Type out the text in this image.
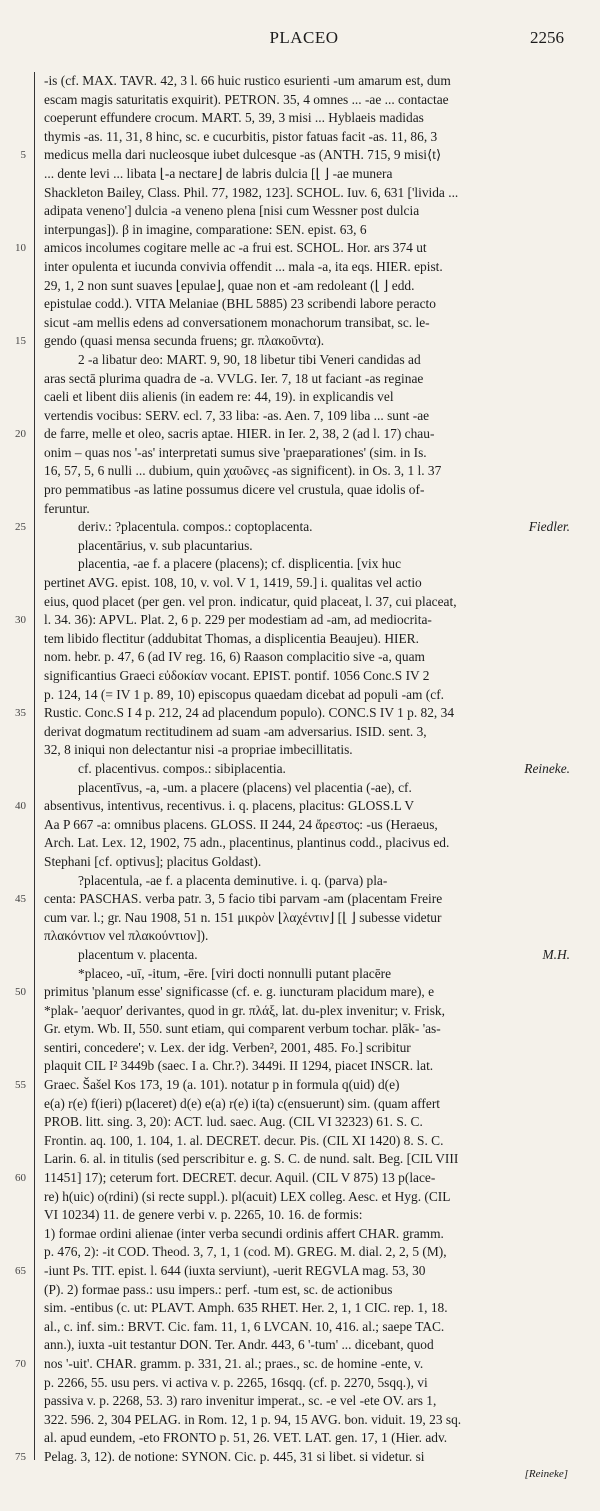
PLACEO	2256
5
10
15
20
25
30
35
40
45
50
55
60
65
70
75
-is (cf. MAX. TAVR. 42, 3 l. 66 huic rustico esurienti -um amarum est, dum
escam magis saturitatis exquirit). PETRON. 35, 4 omnes ... -ae ... contactae
coeperunt effundere crocum. MART. 5, 39, 3 misi ... Hyblaeis madidas
thymis -as. 11, 31, 8 hinc, sc. e cucurbitis, pistor fatuas facit -as. 11, 86, 3
medicus mella dari nucleosque iubet dulcesque -as (ANTH. 715, 9 misi⟨t⟩
... dente levi ... libata ⌊-a nectare⌋ de labris dulcia [⌊ ⌋ -ae munera
Shackleton Bailey, Class. Phil. 77, 1982, 123]. SCHOL. Iuv. 6, 631 ['livida ...
adipata veneno'] dulcia -a veneno plena [nisi cum Wessner post dulcia
interpungas]). β in imagine, comparatione: SEN. epist. 63, 6
amicos incolumes cogitare melle ac -a frui est. SCHOL. Hor. ars 374 ut
inter opulenta et iucunda convivia offendit ... mala -a, ita eqs. HIER. epist.
29, 1, 2 non sunt suaves ⌊epulae⌋, quae non et -am redoleant (⌊ ⌋ edd.
epistulae codd.). VITA Melaniae (BHL 5885) 23 scribendi labore peracto
sicut -am mellis edens ad conversationem monachorum transibat, sc. le-
gendo (quasi mensa secunda fruens; gr. πλακοῦντα).
2 -a libatur deo: MART. 9, 90, 18 libetur tibi Veneri candidas ad
aras sectā plurima quadra de -a. VVLG. Ier. 7, 18 ut faciant -as reginae
caeli et libent diis alienis (in eadem re: 44, 19). in explicandis vel
vertendis vocibus: SERV. ecl. 7, 33 liba: -as. Aen. 7, 109 liba ... sunt -ae
de farre, melle et oleo, sacris aptae. HIER. in Ier. 2, 38, 2 (ad l. 17) chau-
onim – quas nos '-as' interpretati sumus sive 'praeparationes' (sim. in Is.
16, 57, 5, 6 nulli ... dubium, quin χαυῶνες -as significent). in Os. 3, 1 l. 37
pro pemmatibus -as latine possumus dicere vel crustula, quae idolis of-
feruntur.
Fiedler.
deriv.: ?placentula. compos.: coptoplacenta.
placentārius, v. sub placuntarius.
placentia, -ae f. a placere (placens); cf. displicentia. [vix huc
pertinet AVG. epist. 108, 10, v. vol. V 1, 1419, 59.] i. qualitas vel actio
eius, quod placet (per gen. vel pron. indicatur, quid placeat, l. 37, cui placeat,
l. 34. 36): APVL. Plat. 2, 6 p. 229 per modestiam ad -am, ad mediocrita-
tem libido flectitur (addubitat Thomas, a displicentia Beaujeu). HIER.
nom. hebr. p. 47, 6 (ad IV reg. 16, 6) Raason complacitio sive -a, quam
significantius Graeci εὐδοκίαν vocant. EPIST. pontif. 1056 Conc.S IV 2
p. 124, 14 (= IV 1 p. 89, 10) episcopus quaedam dicebat ad populi -am (cf.
Rustic. Conc.S I 4 p. 212, 24 ad placendum populo). CONC.S IV 1 p. 82, 34
derivat dogmatum rectitudinem ad suam -am adversarius. ISID. sent. 3,
32, 8 iniqui non delectantur nisi -a propriae imbecillitatis.
Reineke.
cf. placentivus. compos.: sibiplacentia.
placentīvus, -a, -um. a placere (placens) vel placentia (-ae), cf.
absentivus, intentivus, recentivus. i. q. placens, placitus: GLOSS.L V
Aa P 667 -a: omnibus placens. GLOSS. II 244, 24 ἄρεστος: -us (Heraeus,
Arch. Lat. Lex. 12, 1902, 75 adn., placentinus, plantinus codd., placivus ed.
Stephani [cf. optivus]; placitus Goldast).
?placentula, -ae f. a placenta deminutive. i. q. (parva) pla-
centa: PASCHAS. verba patr. 3, 5 facio tibi parvam -am (placentam Freire
cum var. l.; gr. Nau 1908, 51 n. 151 μικρὸν ⌊λαχέντιν⌋ [⌊ ⌋ subesse videtur
πλακόντιον vel πλακούντιον]).
M.H.
placentum v. placenta.
*placeo, -uī, -itum, -ēre. [viri docti nonnulli putant placēre
primitus 'planum esse' significasse (cf. e. g. iuncturam placidum mare), e
*plak- 'aequor' derivantes, quod in gr. πλάξ, lat. du-plex invenitur; v. Frisk,
Gr. etym. Wb. II, 550. sunt etiam, qui comparent verbum tochar. plāk- 'as-
sentiri, concedere'; v. Lex. der idg. Verben², 2001, 485. Fo.] scribitur
plaquit CIL I² 3449b (saec. I a. Chr.?). 3449i. II 1294, piacet INSCR. lat.
Graec. Šašel Kos 173, 19 (a. 101). notatur p in formula q(uid) d(e)
e(a) r(e) f(ieri) p(laceret) d(e) e(a) r(e) i(ta) c(ensuerunt) sim. (quam affert
PROB. litt. sing. 3, 20): ACT. lud. saec. Aug. (CIL VI 32323) 61. S. C.
Frontin. aq. 100, 1. 104, 1. al. DECRET. decur. Pis. (CIL XI 1420) 8. S. C.
Larin. 6. al. in titulis (sed perscribitur e. g. S. C. de nund. salt. Beg. [CIL VIII
11451] 17); ceterum fort. DECRET. decur. Aquil. (CIL V 875) 13 p(lace-
re) h(uic) o(rdini) (si recte suppl.). pl(acuit) LEX colleg. Aesc. et Hyg. (CIL
VI 10234) 11. de genere verbi v. p. 2265, 10. 16. de formis:
1) formae ordini alienae (inter verba secundi ordinis affert CHAR. gramm.
p. 476, 2): -it COD. Theod. 3, 7, 1, 1 (cod. M). GREG. M. dial. 2, 2, 5 (M),
-iunt Ps. TIT. epist. l. 644 (iuxta serviunt), -uerit REGVLA mag. 53, 30
(P). 2) formae pass.: usu impers.: perf. -tum est, sc. de actionibus
sim. -entibus (c. ut: PLAVT. Amph. 635 RHET. Her. 2, 1, 1 CIC. rep. 1, 18.
al., c. inf. sim.: BRVT. Cic. fam. 11, 1, 6 LVCAN. 10, 416. al.; saepe TAC.
ann.), iuxta -uit testantur DON. Ter. Andr. 443, 6 '-tum' ... dicebant, quod
nos '-uit'. CHAR. gramm. p. 331, 21. al.; praes., sc. de homine -ente, v.
p. 2266, 55. usu pers. vi activa v. p. 2265, 16sqq. (cf. p. 2270, 5sqq.), vi
passiva v. p. 2268, 53. 3) raro invenitur imperat., sc. -e vel -ete OV. ars 1,
322. 596. 2, 304 PELAG. in Rom. 12, 1 p. 94, 15 AVG. bon. viduit. 19, 23 sq.
al. apud eundem, -eto FRONTO p. 51, 26. VET. LAT. gen. 17, 1 (Hier. adv.
Pelag. 3, 12). de notione: SYNON. Cic. p. 445, 31 si libet. si videtur. si
[Reineke]
